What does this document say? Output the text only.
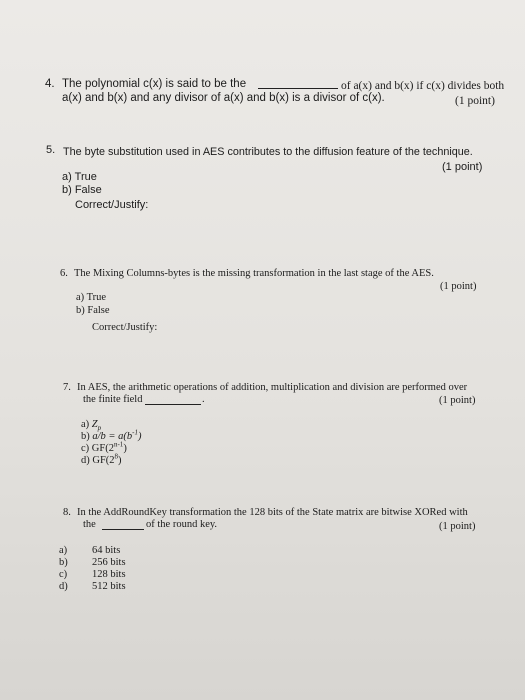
4. The polynomial c(x) is said to be the	of a(x) and b(x) if c(x) divides both
a(x) and b(x) and any divisor of a(x) and b(x) is a divisor of c(x).	(1 point)
5. The byte substitution used in AES contributes to the diffusion feature of the technique.
(1 point)
a) True
b) False
Correct/Justify:
6. The Mixing Columns-bytes is the missing transformation in the last stage of the AES.
(1 point)
a) True
b) False
Correct/Justify:
7. In AES, the arithmetic operations of addition, multiplication and division are performed over
the finite field	.	(1 point)
a) $Z_p$
b) $a/b = a(b^{-1})$
c) GF(2$^{n-1}$)
d) $GF(2^8)$
8. In the AddRoundKey transformation the 128 bits of the State matrix are bitwise XORed with
the	of the round key.	(1 point)
a) 64 bits
b) 256 bits
c) 128 bits
d) 512 bits
